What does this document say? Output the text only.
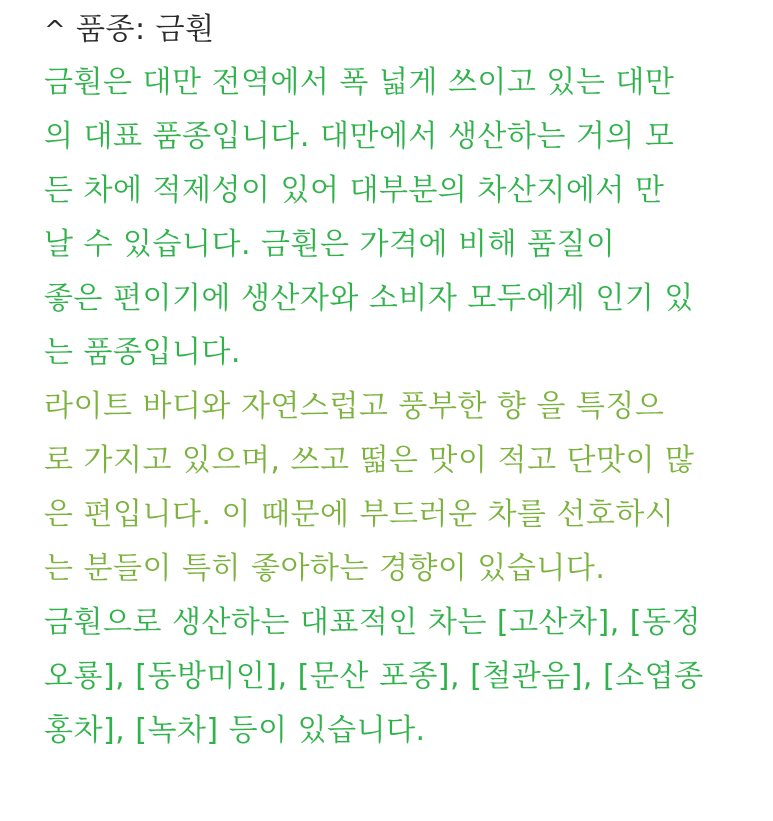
^ 품종: 금훤
금훤은 대만 전역에서 폭 넓게 쓰이고 있는 대만
의 대표 품종입니다. 대만에서 생산하는 거의 모
든 차에 적제성이 있어 대부분의 차산지에서 만
날 수 있습니다. 금훤은 가격에 비해 품질이
좋은 편이기에 생산자와 소비자 모두에게 인기 있
는 품종입니다.
라이트 바디와 자연스럽고 풍부한 향 을 특징으
로 가지고 있으며, 쓰고 떫은 맛이 적고 단맛이 많
은 편입니다. 이 때문에 부드러운 차를 선호하시
는 분들이 특히 좋아하는 경향이 있습니다.
금훤으로 생산하는 대표적인 차는 [고산차], [동정
오룡], [동방미인], [문산 포종], [철관음], [소엽종
홍차], [녹차] 등이 있습니다.
